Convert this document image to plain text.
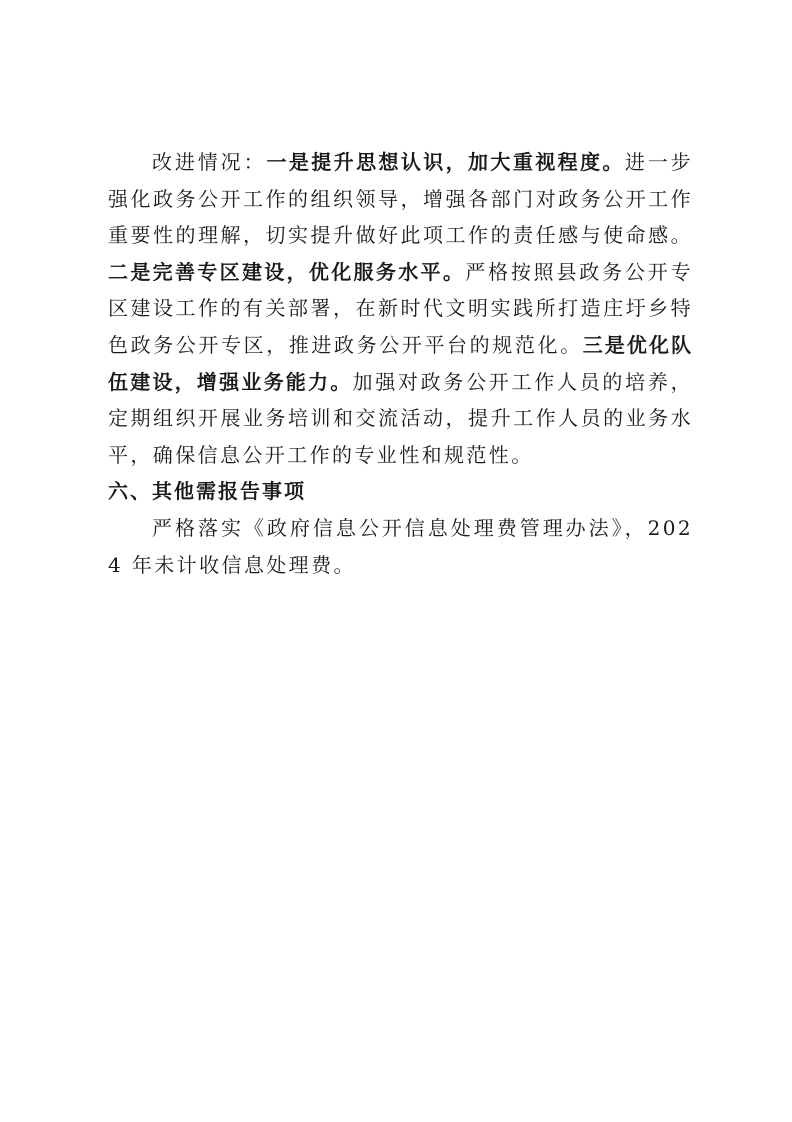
改进情况：一是提升思想认识，加大重视程度。进一步强化政务公开工作的组织领导，增强各部门对政务公开工作重要性的理解，切实提升做好此项工作的责任感与使命感。二是完善专区建设，优化服务水平。严格按照县政务公开专区建设工作的有关部署，在新时代文明实践所打造庄圩乡特色政务公开专区，推进政务公开平台的规范化。三是优化队伍建设，增强业务能力。加强对政务公开工作人员的培养，定期组织开展业务培训和交流活动，提升工作人员的业务水平，确保信息公开工作的专业性和规范性。

六、其他需报告事项

严格落实《政府信息公开信息处理费管理办法》，2024 年未计收信息处理费。
